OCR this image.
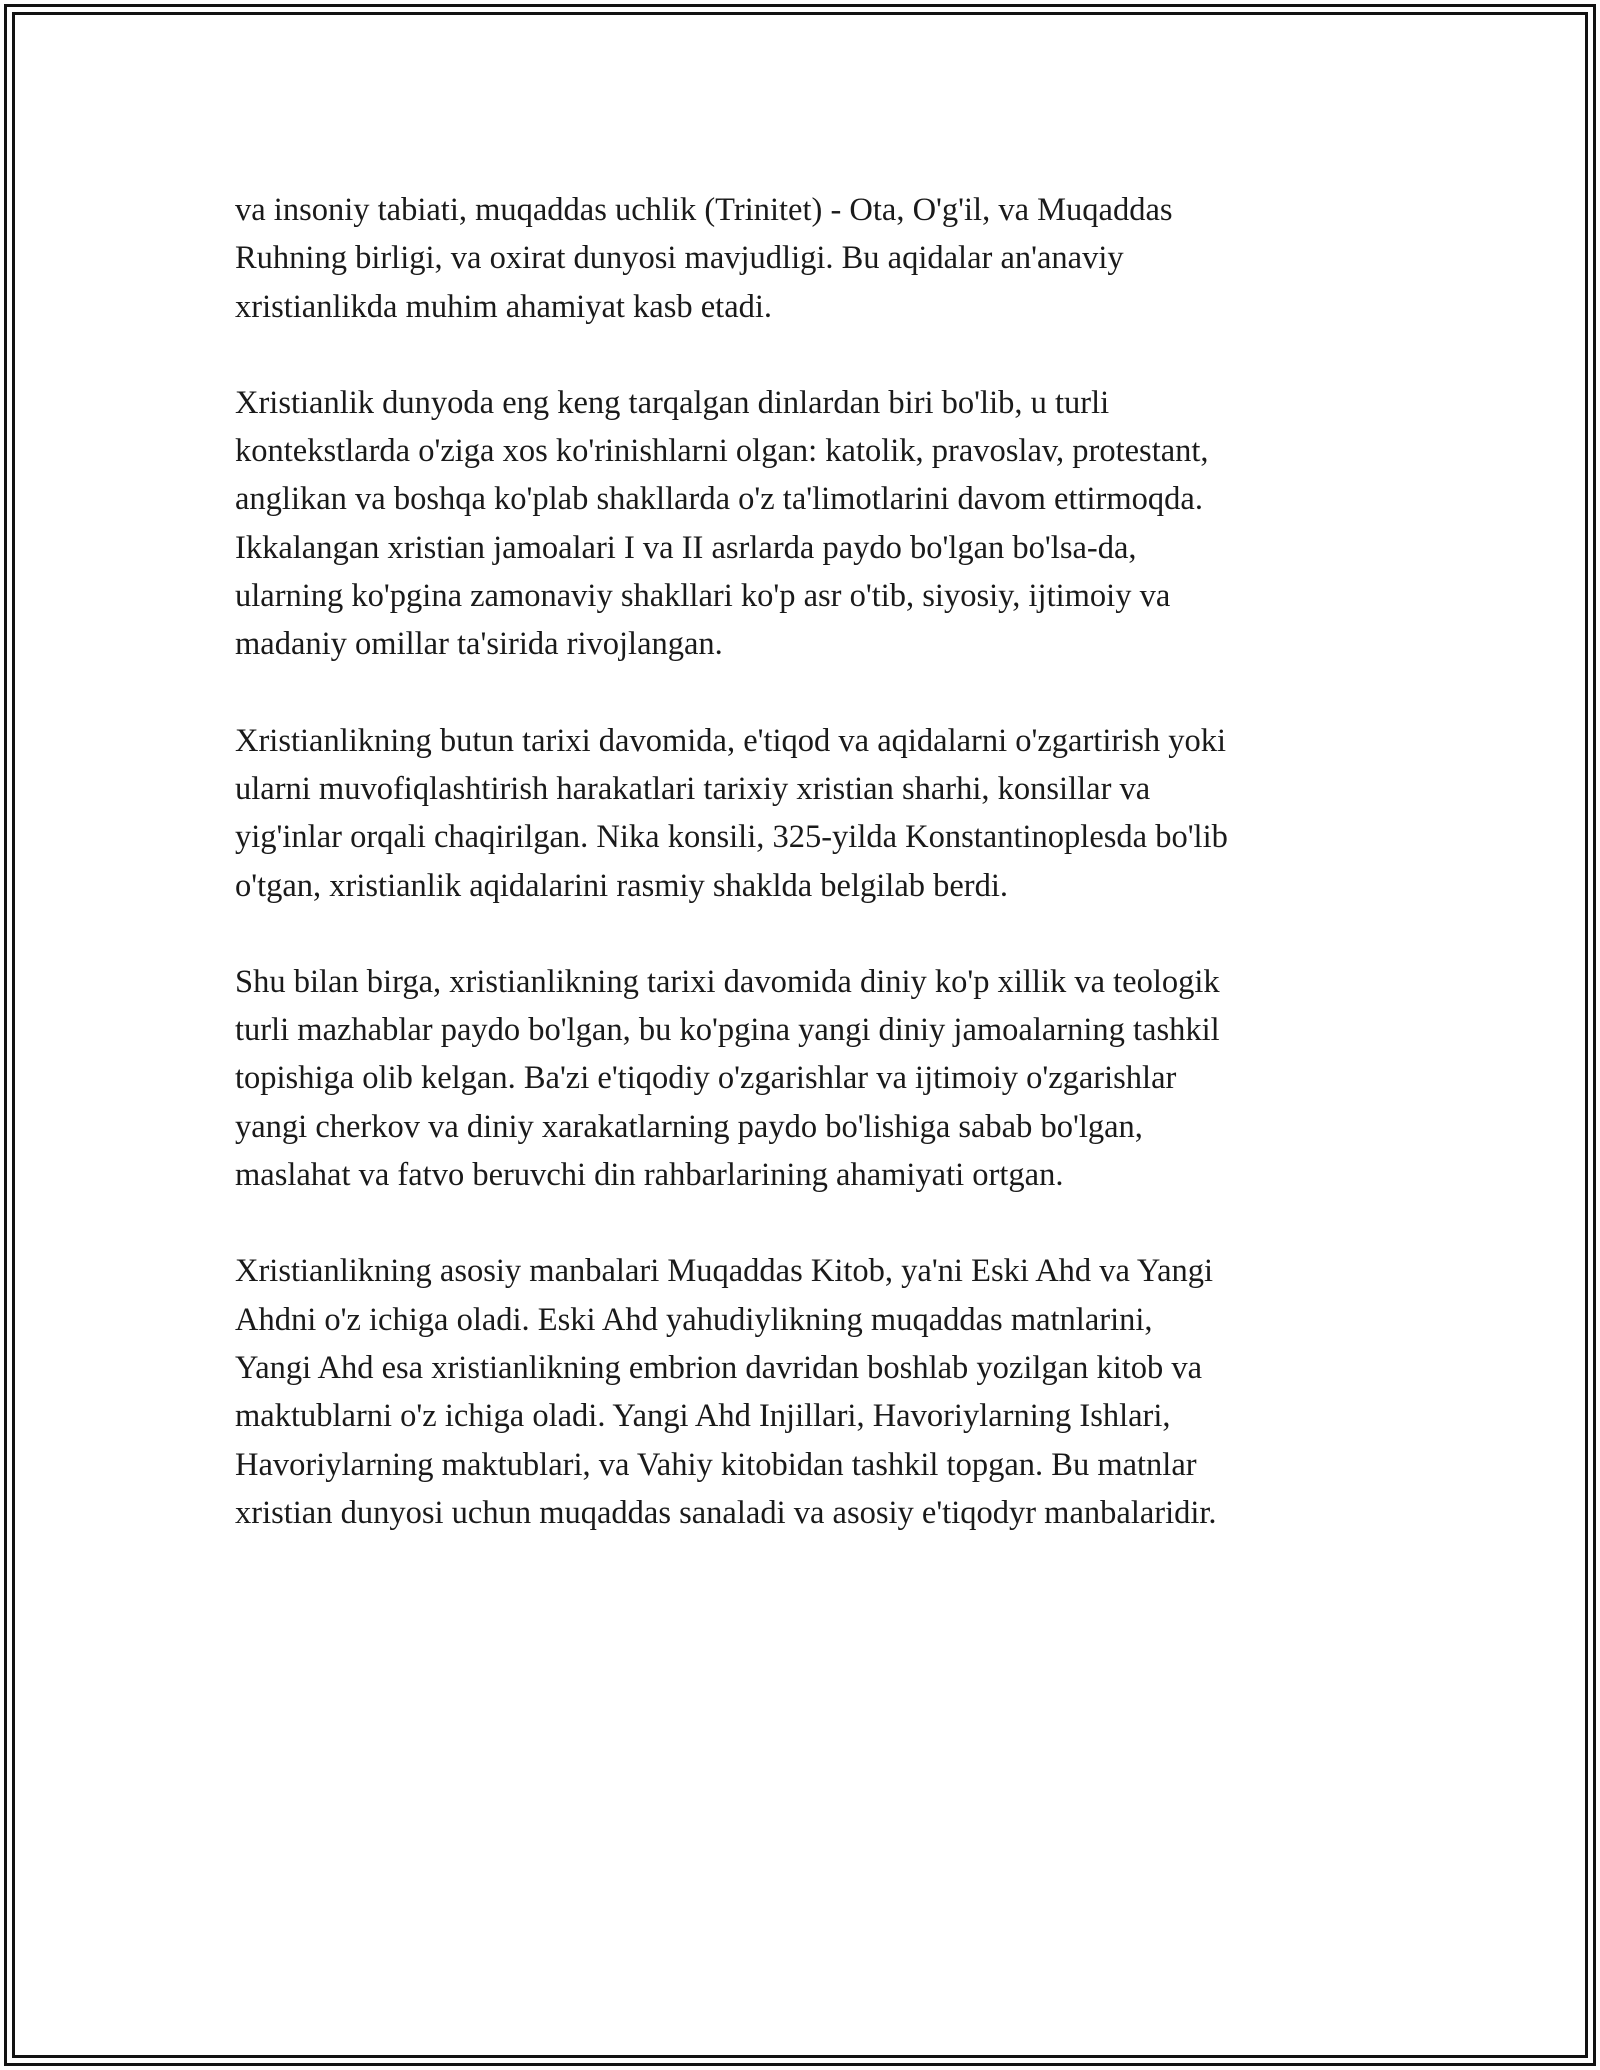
va insoniy tabiati, muqaddas uchlik (Trinitet) - Ota, O'g'il, va Muqaddas
Ruhning birligi, va oxirat dunyosi mavjudligi. Bu aqidalar an'anaviy
xristianlikda muhim ahamiyat kasb etadi.

Xristianlik dunyoda eng keng tarqalgan dinlardan biri bo'lib, u turli
kontekstlarda o'ziga xos ko'rinishlarni olgan: katolik, pravoslav, protestant,
anglikan va boshqa ko'plab shakllarda o'z ta'limotlarini davom ettirmoqda.
Ikkalangan xristian jamoalari I va II asrlarda paydo bo'lgan bo'lsa-da,
ularning ko'pgina zamonaviy shakllari ko'p asr o'tib, siyosiy, ijtimoiy va
madaniy omillar ta'sirida rivojlangan.

Xristianlikning butun tarixi davomida, e'tiqod va aqidalarni o'zgartirish yoki
ularni muvofiqlashtirish harakatlari tarixiy xristian sharhi, konsillar va
yig'inlar orqali chaqirilgan. Nika konsili, 325-yilda Konstantinoplesda bo'lib
o'tgan, xristianlik aqidalarini rasmiy shaklda belgilab berdi.

Shu bilan birga, xristianlikning tarixi davomida diniy ko'p xillik va teologik
turli mazhablar paydo bo'lgan, bu ko'pgina yangi diniy jamoalarning tashkil
topishiga olib kelgan. Ba'zi e'tiqodiy o'zgarishlar va ijtimoiy o'zgarishlar
yangi cherkov va diniy xarakatlarning paydo bo'lishiga sabab bo'lgan,
maslahat va fatvo beruvchi din rahbarlarining ahamiyati ortgan.

Xristianlikning asosiy manbalari Muqaddas Kitob, ya'ni Eski Ahd va Yangi
Ahdni o'z ichiga oladi. Eski Ahd yahudiylikning muqaddas matnlarini,
Yangi Ahd esa xristianlikning embrion davridan boshlab yozilgan kitob va
maktublarni o'z ichiga oladi. Yangi Ahd Injillari, Havoriylarning Ishlari,
Havoriylarning maktublari, va Vahiy kitobidan tashkil topgan. Bu matnlar
xristian dunyosi uchun muqaddas sanaladi va asosiy e'tiqodyr manbalaridir.
